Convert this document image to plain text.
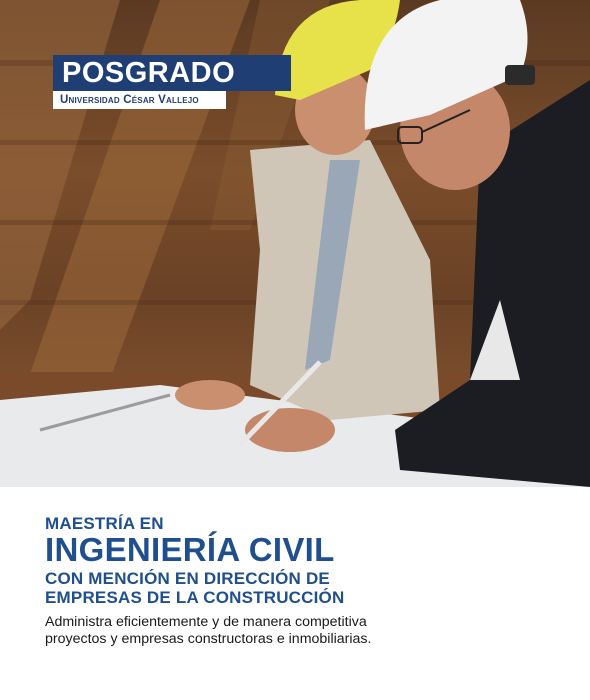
POSGRADO
Universidad César Vallejo
MAESTRÍA EN
INGENIERÍA CIVIL
CON MENCIÓN EN DIRECCIÓN DE
EMPRESAS DE LA CONSTRUCCIÓN
Administra eficientemente y de manera competitiva
proyectos y empresas constructoras e inmobiliarias.
